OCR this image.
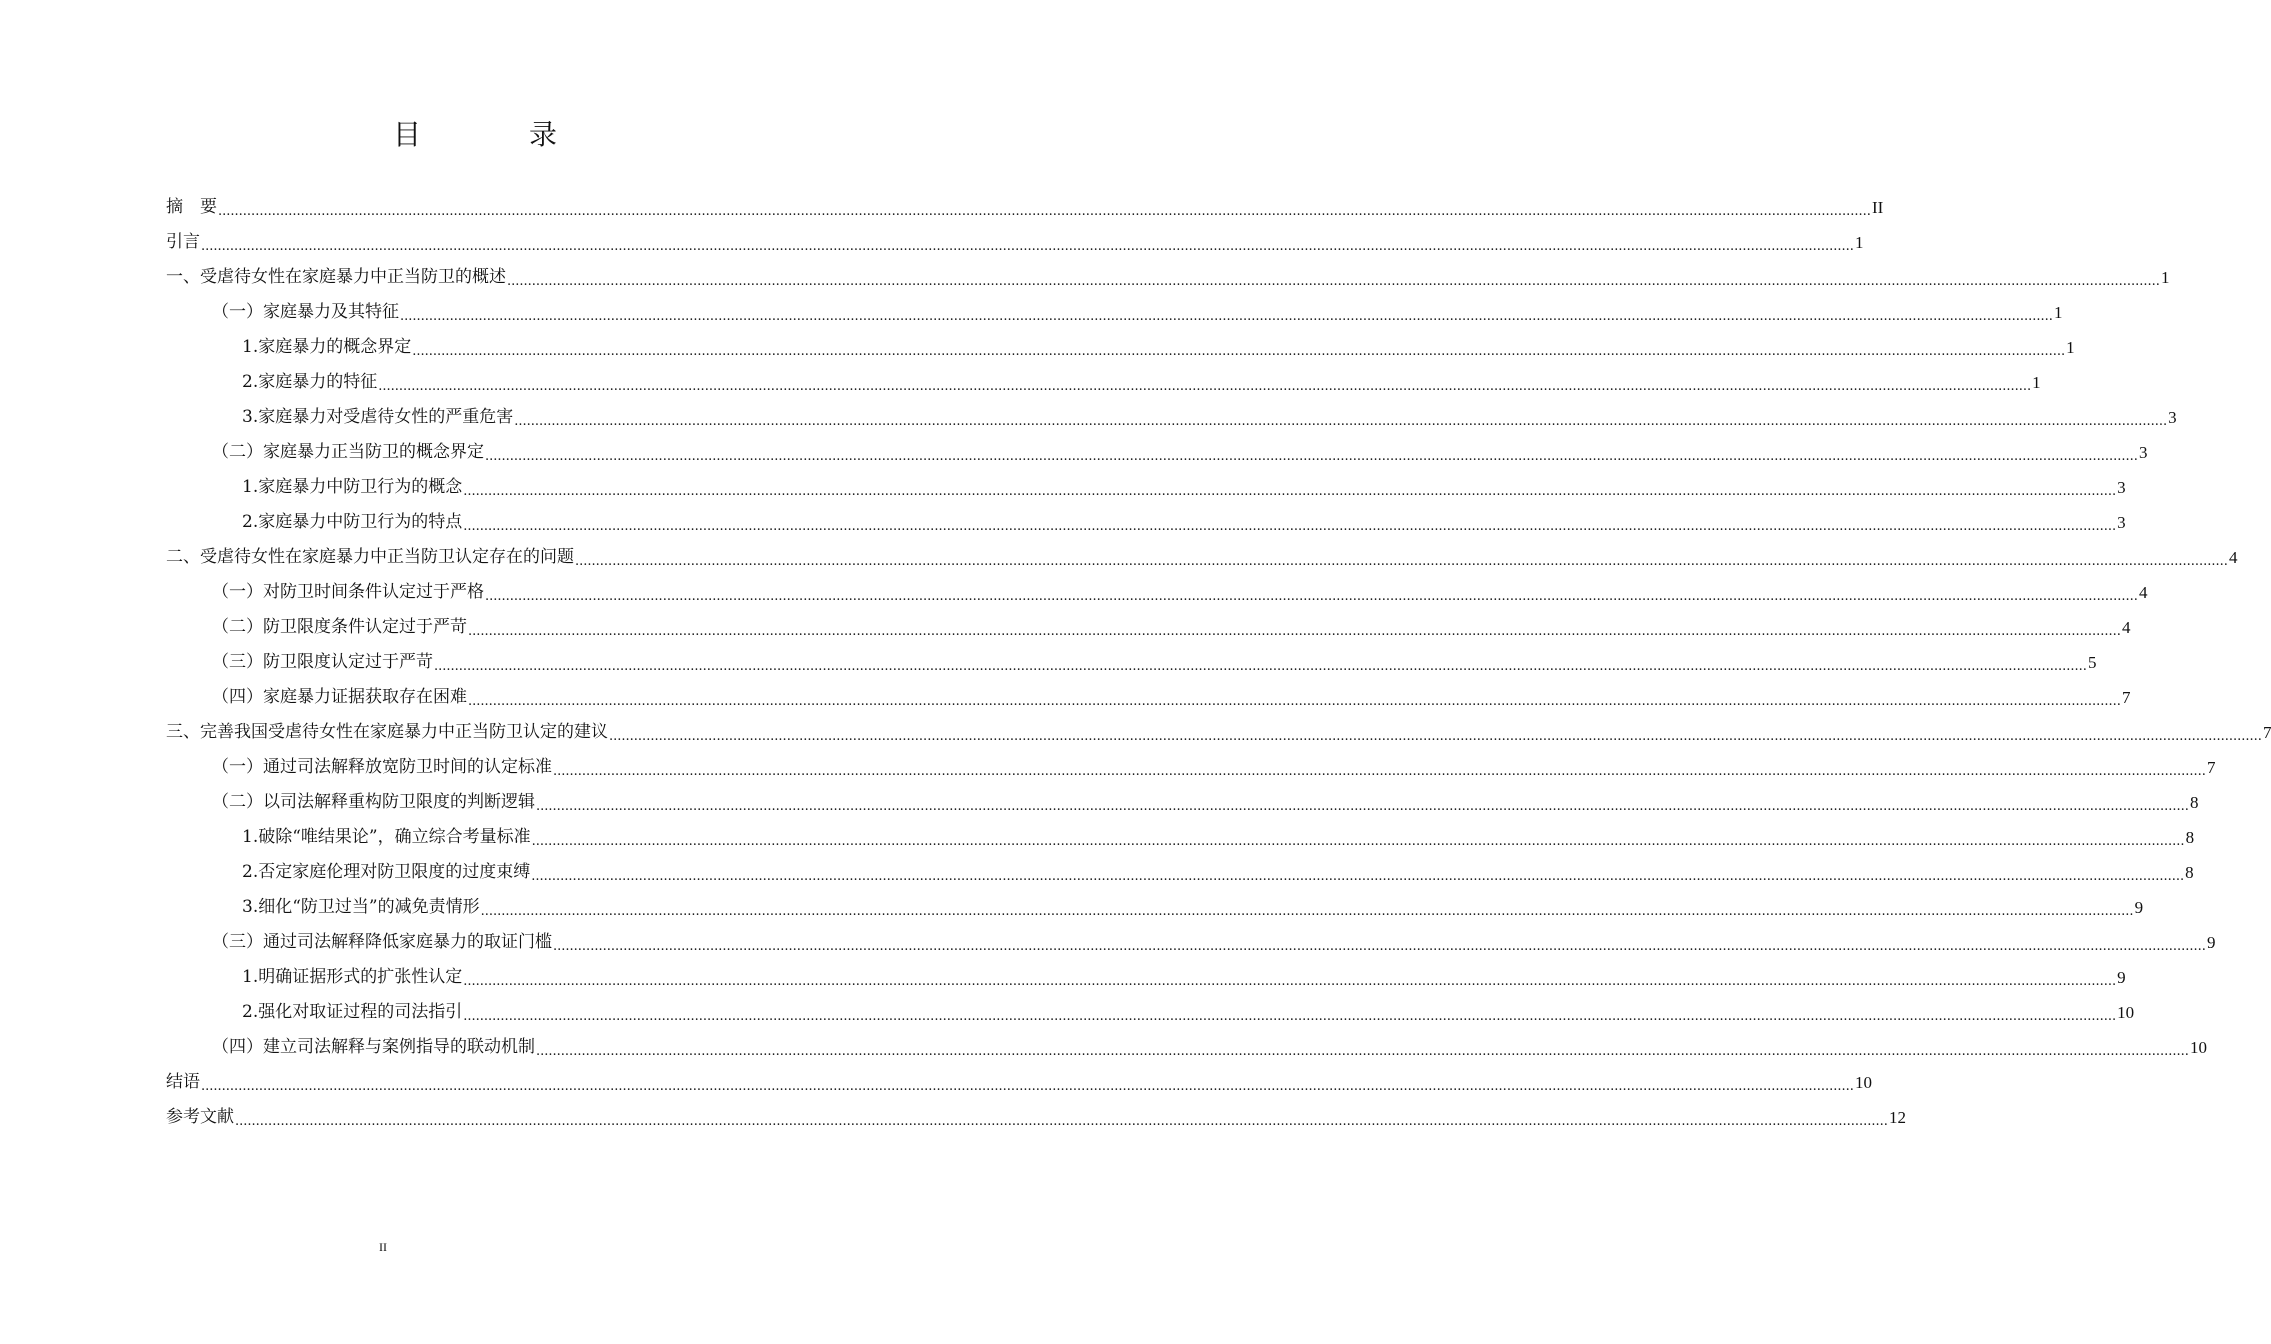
目　录
摘　要 ................................................................................................................................................................................................................................................................................................................................................................................................................ II
引言 ................................................................................................................................................................................................................................................................................................................................................................................................................ 1
一、 受虐待女性在家庭暴力中正当防卫的概述 ................................................................................................................................................................................................................................................................................................................................................................................................................ 1
（一） 家庭暴力及其特征 ................................................................................................................................................................................................................................................................................................................................................................................................................ 1
1. 家庭暴力的概念界定 ................................................................................................................................................................................................................................................................................................................................................................................................................ 1
2. 家庭暴力的特征 ................................................................................................................................................................................................................................................................................................................................................................................................................ 1
3. 家庭暴力对受虐待女性的严重危害 ................................................................................................................................................................................................................................................................................................................................................................................................................ 3
（二） 家庭暴力正当防卫的概念界定 ................................................................................................................................................................................................................................................................................................................................................................................................................ 3
1. 家庭暴力中防卫行为的概念 ................................................................................................................................................................................................................................................................................................................................................................................................................ 3
2. 家庭暴力中防卫行为的特点 ................................................................................................................................................................................................................................................................................................................................................................................................................ 3
二、 受虐待女性在家庭暴力中正当防卫认定存在的问题 ................................................................................................................................................................................................................................................................................................................................................................................................................ 4
（一） 对防卫时间条件认定过于严格 ................................................................................................................................................................................................................................................................................................................................................................................................................ 4
（二） 防卫限度条件认定过于严苛 ................................................................................................................................................................................................................................................................................................................................................................................................................ 4
（三） 防卫限度认定过于严苛 ................................................................................................................................................................................................................................................................................................................................................................................................................ 5
（四） 家庭暴力证据获取存在困难 ................................................................................................................................................................................................................................................................................................................................................................................................................ 7
三、 完善我国受虐待女性在家庭暴力中正当防卫认定的建议 ................................................................................................................................................................................................................................................................................................................................................................................................................ 7
（一） 通过司法解释放宽防卫时间的认定标准 ................................................................................................................................................................................................................................................................................................................................................................................................................ 7
（二） 以司法解释重构防卫限度的判断逻辑 ................................................................................................................................................................................................................................................................................................................................................................................................................ 8
1. 破除“唯结果论”，确立综合考量标准 ................................................................................................................................................................................................................................................................................................................................................................................................................ 8
2. 否定家庭伦理对防卫限度的过度束缚 ................................................................................................................................................................................................................................................................................................................................................................................................................ 8
3. 细化“防卫过当”的减免责情形 ................................................................................................................................................................................................................................................................................................................................................................................................................ 9
（三） 通过司法解释降低家庭暴力的取证门槛 ................................................................................................................................................................................................................................................................................................................................................................................................................ 9
1. 明确证据形式的扩张性认定 ................................................................................................................................................................................................................................................................................................................................................................................................................ 9
2. 强化对取证过程的司法指引 ................................................................................................................................................................................................................................................................................................................................................................................................................ 10
（四） 建立司法解释与案例指导的联动机制 ................................................................................................................................................................................................................................................................................................................................................................................................................ 10
结语 ................................................................................................................................................................................................................................................................................................................................................................................................................ 10
参考文献 ................................................................................................................................................................................................................................................................................................................................................................................................................ 12
II
